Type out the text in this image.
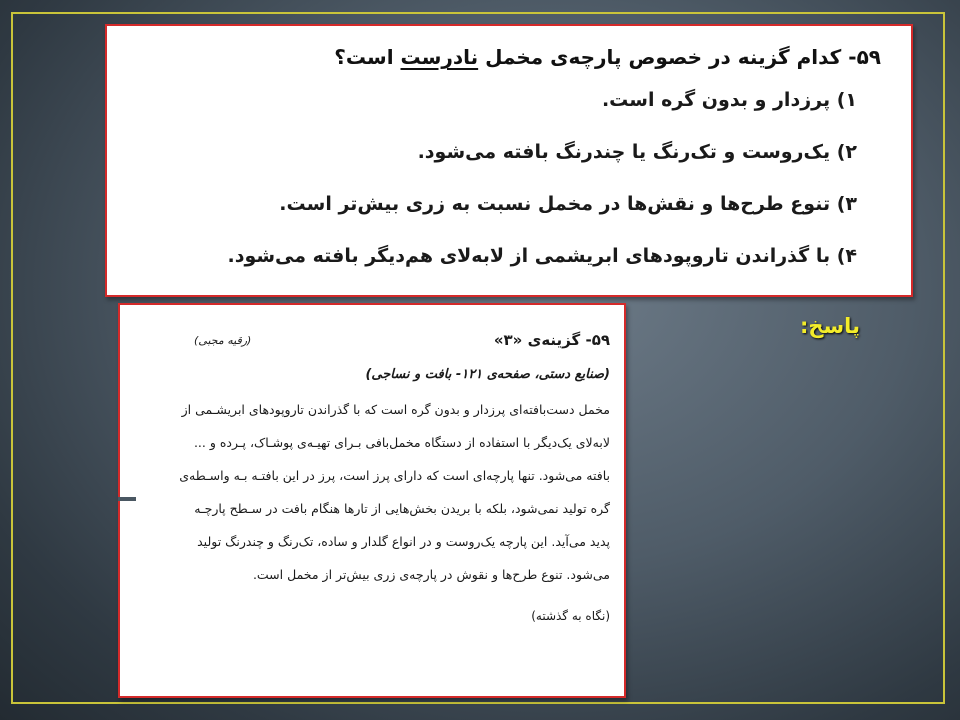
۵۹- کدام گزینه در خصوص پارچه‌ی مخمل نادرست است؟
۱) پرزدار و بدون گره است.
۲) یک‌روست و تک‌رنگ یا چندرنگ بافته می‌شود.
۳) تنوع طرح‌ها و نقش‌ها در مخمل نسبت به زری بیش‌تر است.
۴) با گذراندن تاروپودهای ابریشمی از لابه‌لای هم‌دیگر بافته می‌شود.
پاسخ:
۵۹- گزینه‌ی «۳»
(رقیه مجبی)
(صنایع دستی، صفحه‌ی ۱۲۱- بافت و نساجی)
مخمل دست‌بافته‌ای پرزدار و بدون گره است که با گذراندن تاروپودهای ابریشـمی از
لابه‌لای یک‌دیگر با استفاده از دستگاه مخمل‌بافی بـرای تهیـه‌ی پوشـاک، پـرده و ...
بافته می‌شود. تنها پارچه‌ای است که دارای پرز است، پرز در این بافتـه بـه واسـطه‌ی
گره تولید نمی‌شود، بلکه با بریدن بخش‌هایی از تارها هنگام بافت در سـطح پارچـه
پدید می‌آید. این پارچه یک‌روست و در انواع گلدار و ساده، تک‌رنگ و چندرنگ تولید
می‌شود. تنوع طرح‌ها و نقوش در پارچه‌ی زری بیش‌تر از مخمل است.
(نگاه به گذشته)
